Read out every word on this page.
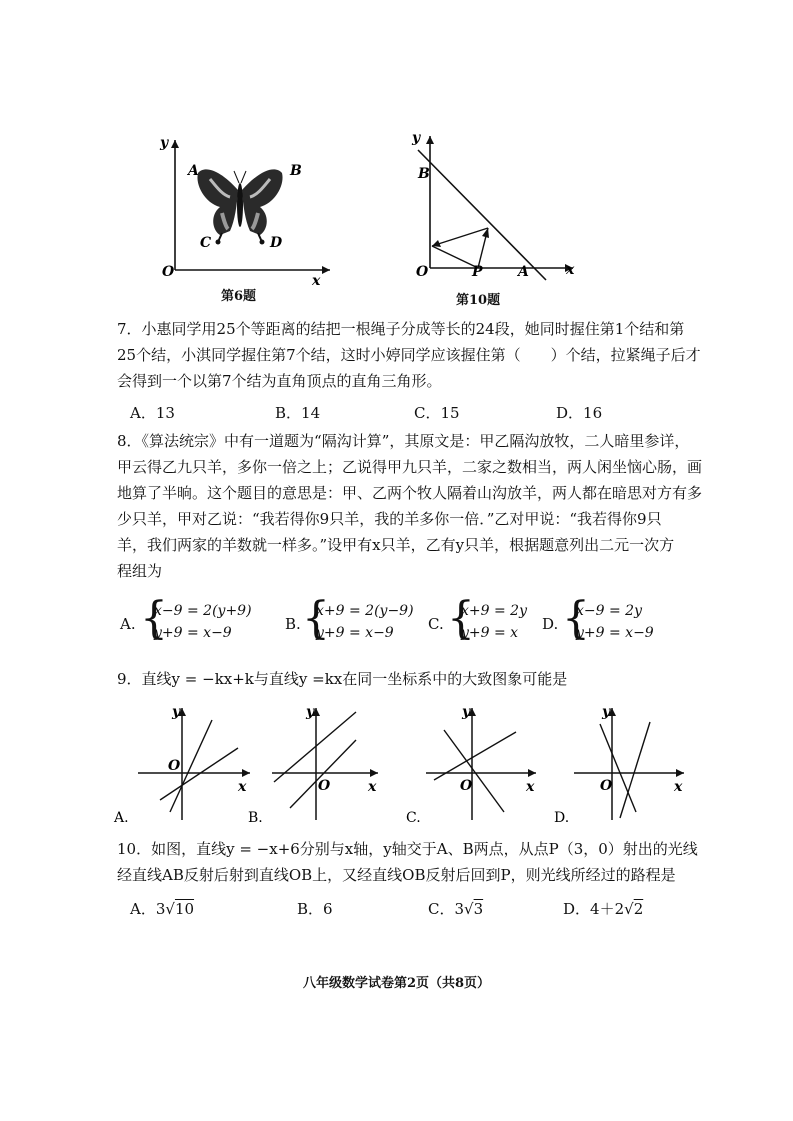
y
x
O
A	B
C	D
第6题
y
x
O
B
P	A
第10题
7．小惠同学用25个等距离的结把一根绳子分成等长的24段，她同时握住第1个结和第
25个结，小淇同学握住第7个结，这时小婷同学应该握住第（　　）个结，拉紧绳子后才
会得到一个以第7个结为直角顶点的直角三角形。
A．13	B．14	C．15	D．16
8．《算法统宗》中有一道题为“隔沟计算”，其原文是：甲乙隔沟放牧，二人暗里参详，
甲云得乙九只羊，多你一倍之上；乙说得甲九只羊，二家之数相当，两人闲坐恼心肠，画
地算了半晌。这个题目的意思是：甲、乙两个牧人隔着山沟放羊，两人都在暗思对方有多
少只羊，甲对乙说：“我若得你9只羊，我的羊多你一倍．”乙对甲说：“我若得你9只
羊，我们两家的羊数就一样多。”设甲有x只羊，乙有y只羊，根据题意列出二元一次方
程组为
A. {
x−9 = 2(y+9)
y+9 = x−9	B. {
x+9 = 2(y−9)
y+9 = x−9	C. {
x+9 = 2y
y+9 = x	D. {
x−9 = 2y
y+9 = x−9
9．直线y = −kx+k与直线y =kx在同一坐标系中的大致图象可能是
y
x
O
A.
y
x
O
B.
y
x
O
C.
y
x
O
D.
10．如图，直线y = −x+6分别与x轴，y轴交于A、B两点，从点P（3，0）射出的光线
经直线AB反射后射到直线OB上，又经直线OB反射后回到P，则光线所经过的路程是
A．3√10	B．6	C．3√3	D．4＋2√2
八年级数学试卷第2页（共8页）
